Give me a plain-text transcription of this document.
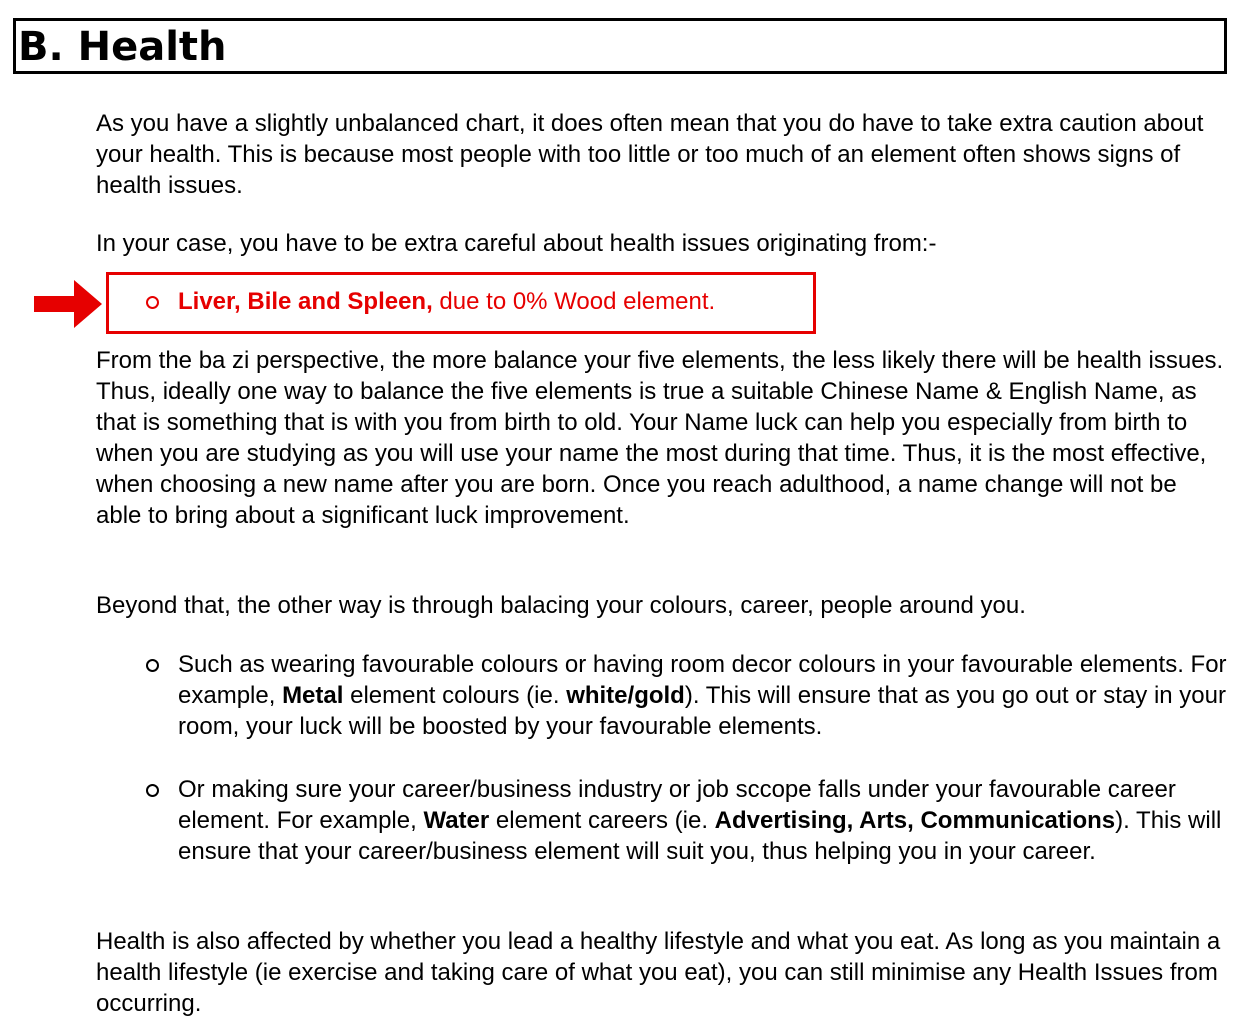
B. Health

As you have a slightly unbalanced chart, it does often mean that you do have to take extra caution about your health. This is because most people with too little or too much of an element often shows signs of health issues.

In your case, you have to be extra careful about health issues originating from:-

Liver, Bile and Spleen, due to 0% Wood element.

From the ba zi perspective, the more balance your five elements, the less likely there will be health issues. Thus, ideally one way to balance the five elements is true a suitable Chinese Name & English Name, as that is something that is with you from birth to old. Your Name luck can help you especially from birth to when you are studying as you will use your name the most during that time. Thus, it is the most effective, when choosing a new name after you are born. Once you reach adulthood, a name change will not be able to bring about a significant luck improvement.

Beyond that, the other way is through balacing your colours, career, people around you.

Such as wearing favourable colours or having room decor colours in your favourable elements. For example, Metal element colours (ie. white/gold). This will ensure that as you go out or stay in your room, your luck will be boosted by your favourable elements.

Or making sure your career/business industry or job sccope falls under your favourable career element. For example, Water element careers (ie. Advertising, Arts, Communications). This will ensure that your career/business element will suit you, thus helping you in your career.

Health is also affected by whether you lead a healthy lifestyle and what you eat. As long as you maintain a health lifestyle (ie exercise and taking care of what you eat), you can still minimise any Health Issues from occurring.
